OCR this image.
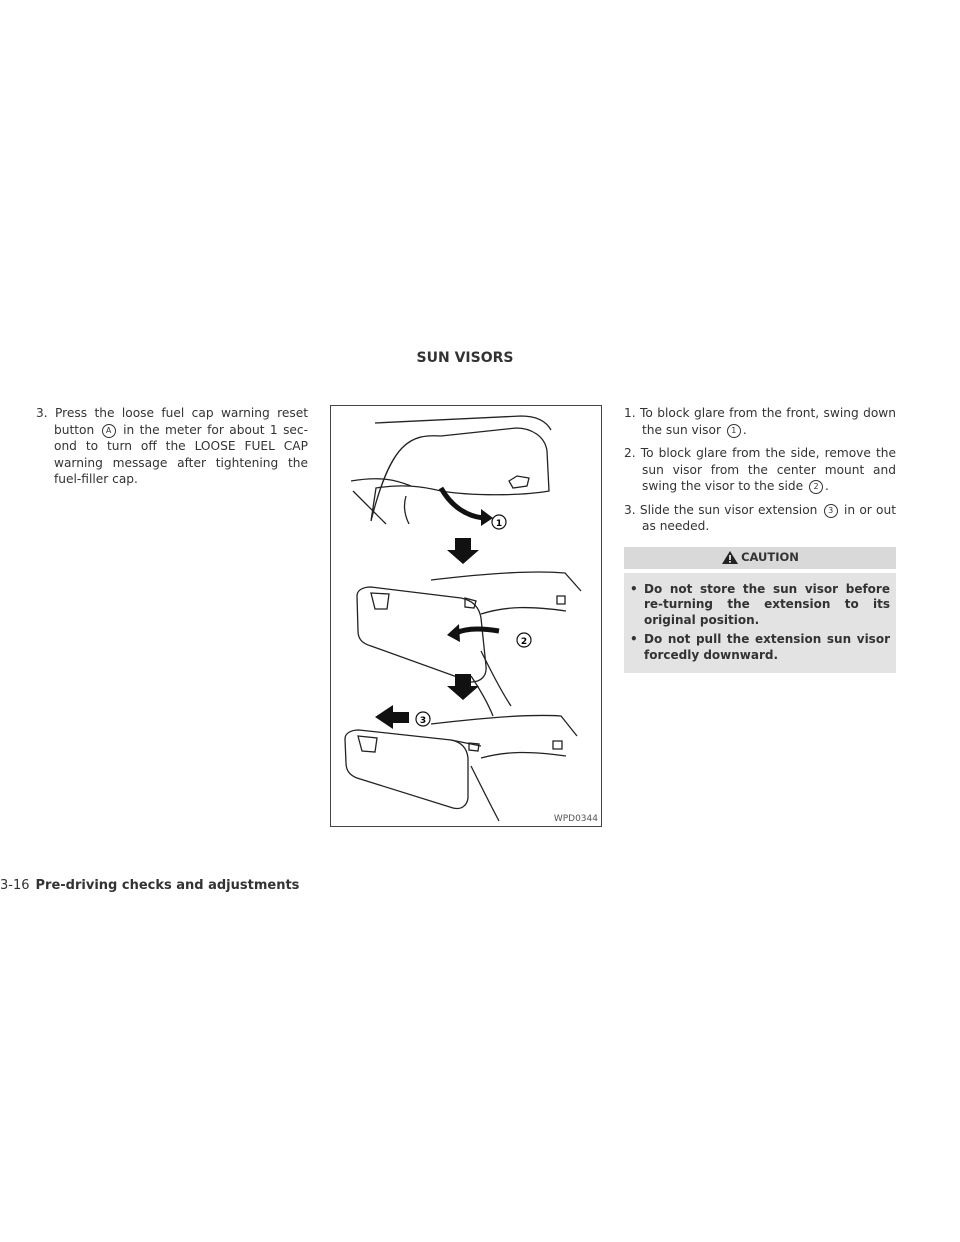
SUN VISORS

3. Press the loose fuel cap warning reset button A in the meter for about 1 sec-ond to turn off the LOOSE FUEL CAP warning message after tightening the fuel-filler cap.

1
2
3
WPD0344

1. To block glare from the front, swing down the sun visor 1 .

2. To block glare from the side, remove the sun visor from the center mount and swing the visor to the side 2 .

3. Slide the sun visor extension 3 in or out as needed.

CAUTION
• Do not store the sun visor before re-turning the extension to its original position.
• Do not pull the extension sun visor forcedly downward.
3-16 Pre-driving checks and adjustments
